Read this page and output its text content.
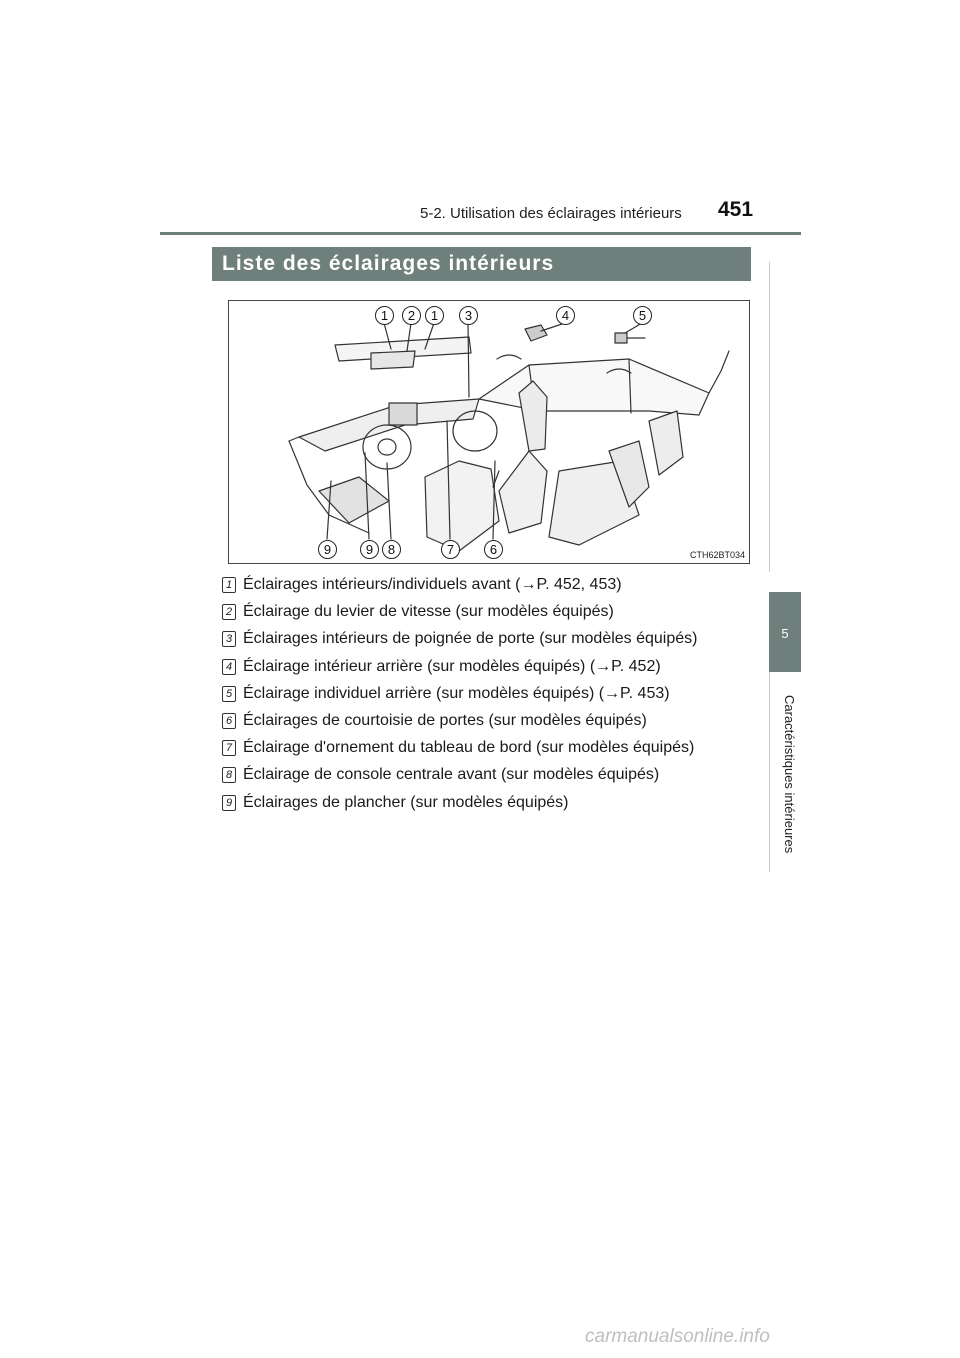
5-2. Utilisation des éclairages intérieurs 451
5
Caractéristiques intérieures
Liste des éclairages intérieurs
1	2	1	3	4	5
9	9	8	7	6	CTH62BT034
1 Éclairages intérieurs/individuels avant (→P. 452, 453)
2 Éclairage du levier de vitesse (sur modèles équipés)
3 Éclairages intérieurs de poignée de porte (sur modèles équipés)
4 Éclairage intérieur arrière (sur modèles équipés) (→P. 452)
5 Éclairage individuel arrière (sur modèles équipés) (→P. 453)
6 Éclairages de courtoisie de portes (sur modèles équipés)
7 Éclairage d'ornement du tableau de bord (sur modèles équipés)
8 Éclairage de console centrale avant (sur modèles équipés)
9 Éclairages de plancher (sur modèles équipés)
carmanualsonline.info
